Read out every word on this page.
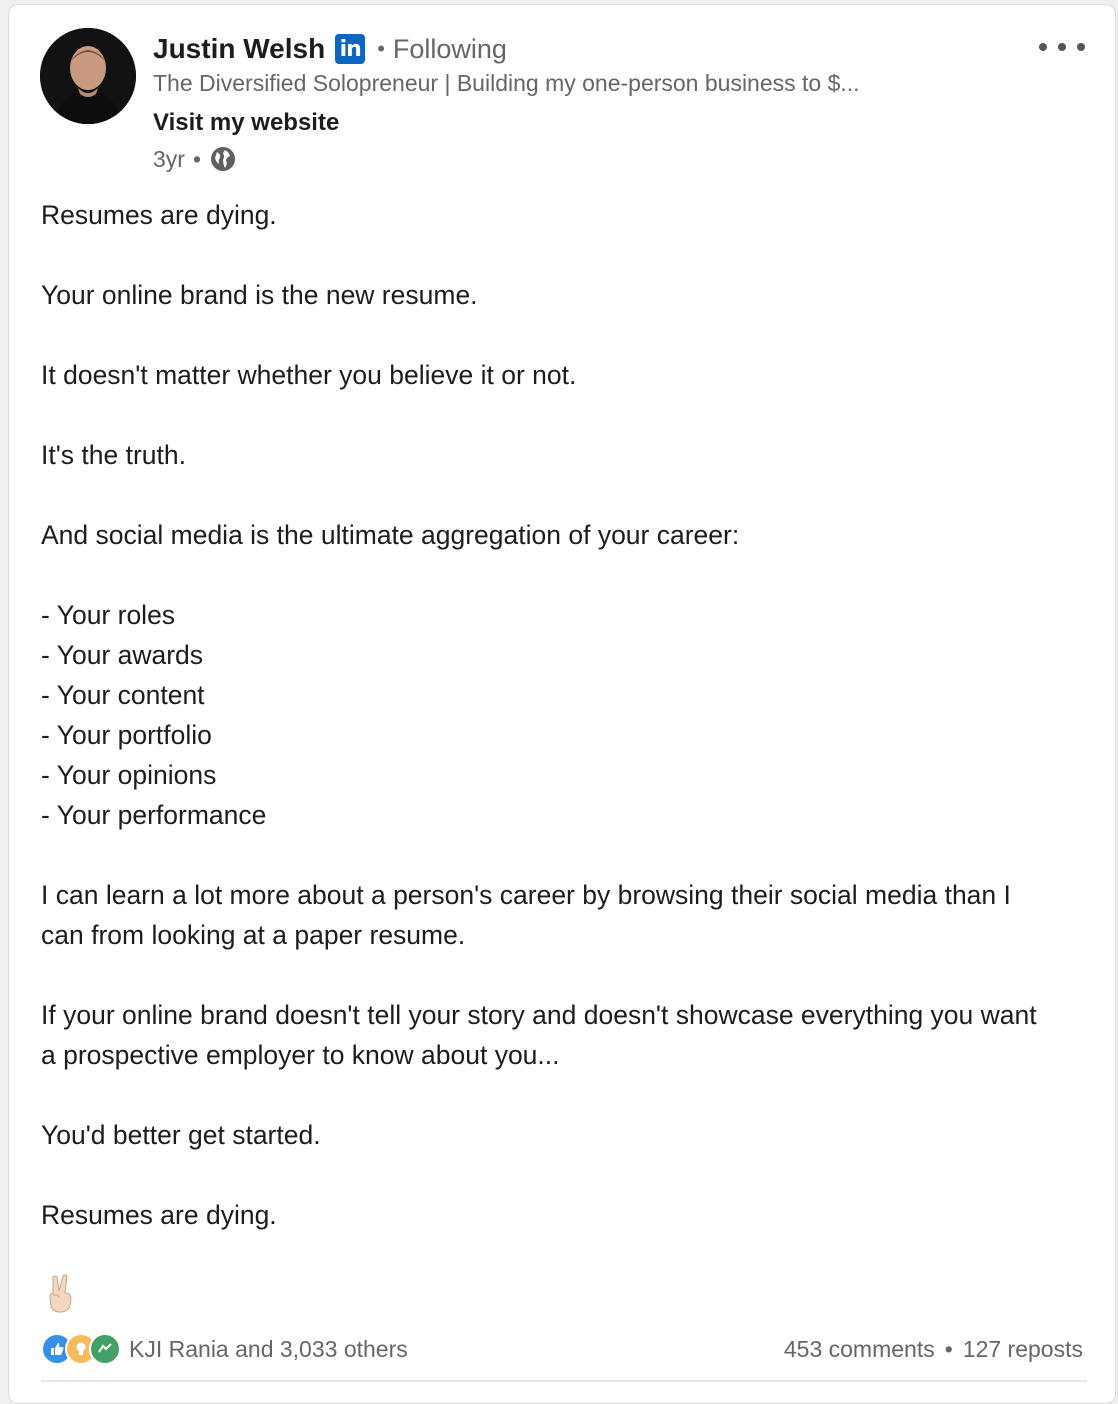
Justin Welsh in • Following
The Diversified Solopreneur | Building my one-person business to $...
Visit my website
3yr •

Resumes are dying.

Your online brand is the new resume.

It doesn't matter whether you believe it or not.

It's the truth.

And social media is the ultimate aggregation of your career:

- Your roles

- Your awards

- Your content

- Your portfolio

- Your opinions

- Your performance

I can learn a lot more about a person's career by browsing their social media than I can from looking at a paper resume.

If your online brand doesn't tell your story and doesn't showcase everything you want a prospective employer to know about you...

You'd better get started.

Resumes are dying.

KJI Rania and 3,033 others	453 comments • 127 reposts
